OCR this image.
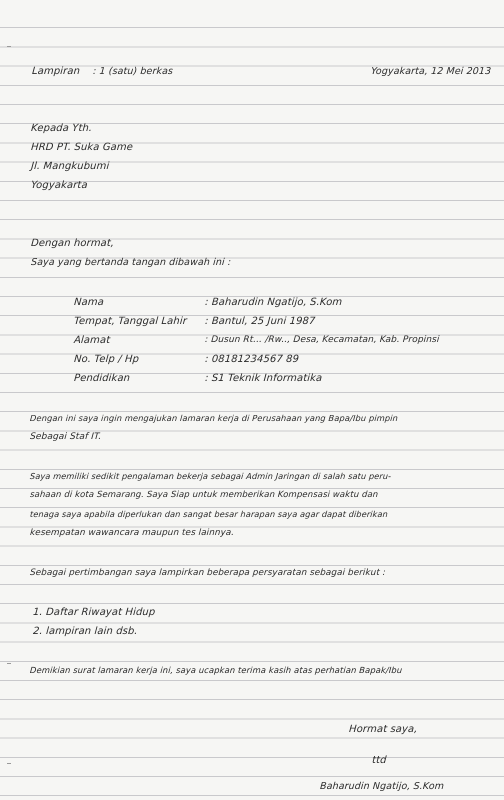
Lampiran : 1 (satu) berkas	Yogyakarta, 12 Mei 2013
Kepada Yth.
HRD PT. Suka Game
Jl. Mangkubumi
Yogyakarta
Dengan hormat,
Saya yang bertanda tangan dibawah ini :
Nama	: Baharudin Ngatijo, S.Kom
Tempat, Tanggal Lahir : Bantul, 25 Juni 1987
Alamat	: Dusun Rt... /Rw.., Desa, Kecamatan, Kab. Propinsi
No. Telp / Hp	: 08181234567 89
Pendidikan	: S1 Teknik Informatika
Dengan ini saya ingin mengajukan lamaran kerja di Perusahaan yang Bapa/Ibu pimpin
Sebagai Staf IT.
Saya memiliki sedikit pengalaman bekerja sebagai Admin Jaringan di salah satu peru-
sahaan di kota Semarang. Saya Siap untuk memberikan Kompensasi waktu dan
tenaga saya apabila diperlukan dan sangat besar harapan saya agar dapat diberikan
kesempatan wawancara maupun tes lainnya.
Sebagai pertimbangan saya lampirkan beberapa persyaratan sebagai berikut :
1. Daftar Riwayat Hidup
2. lampiran lain dsb.
Demikian surat lamaran kerja ini, saya ucapkan terima kasih atas perhatian Bapak/Ibu
Hormat saya,
ttd
Baharudin Ngatijo, S.Kom
